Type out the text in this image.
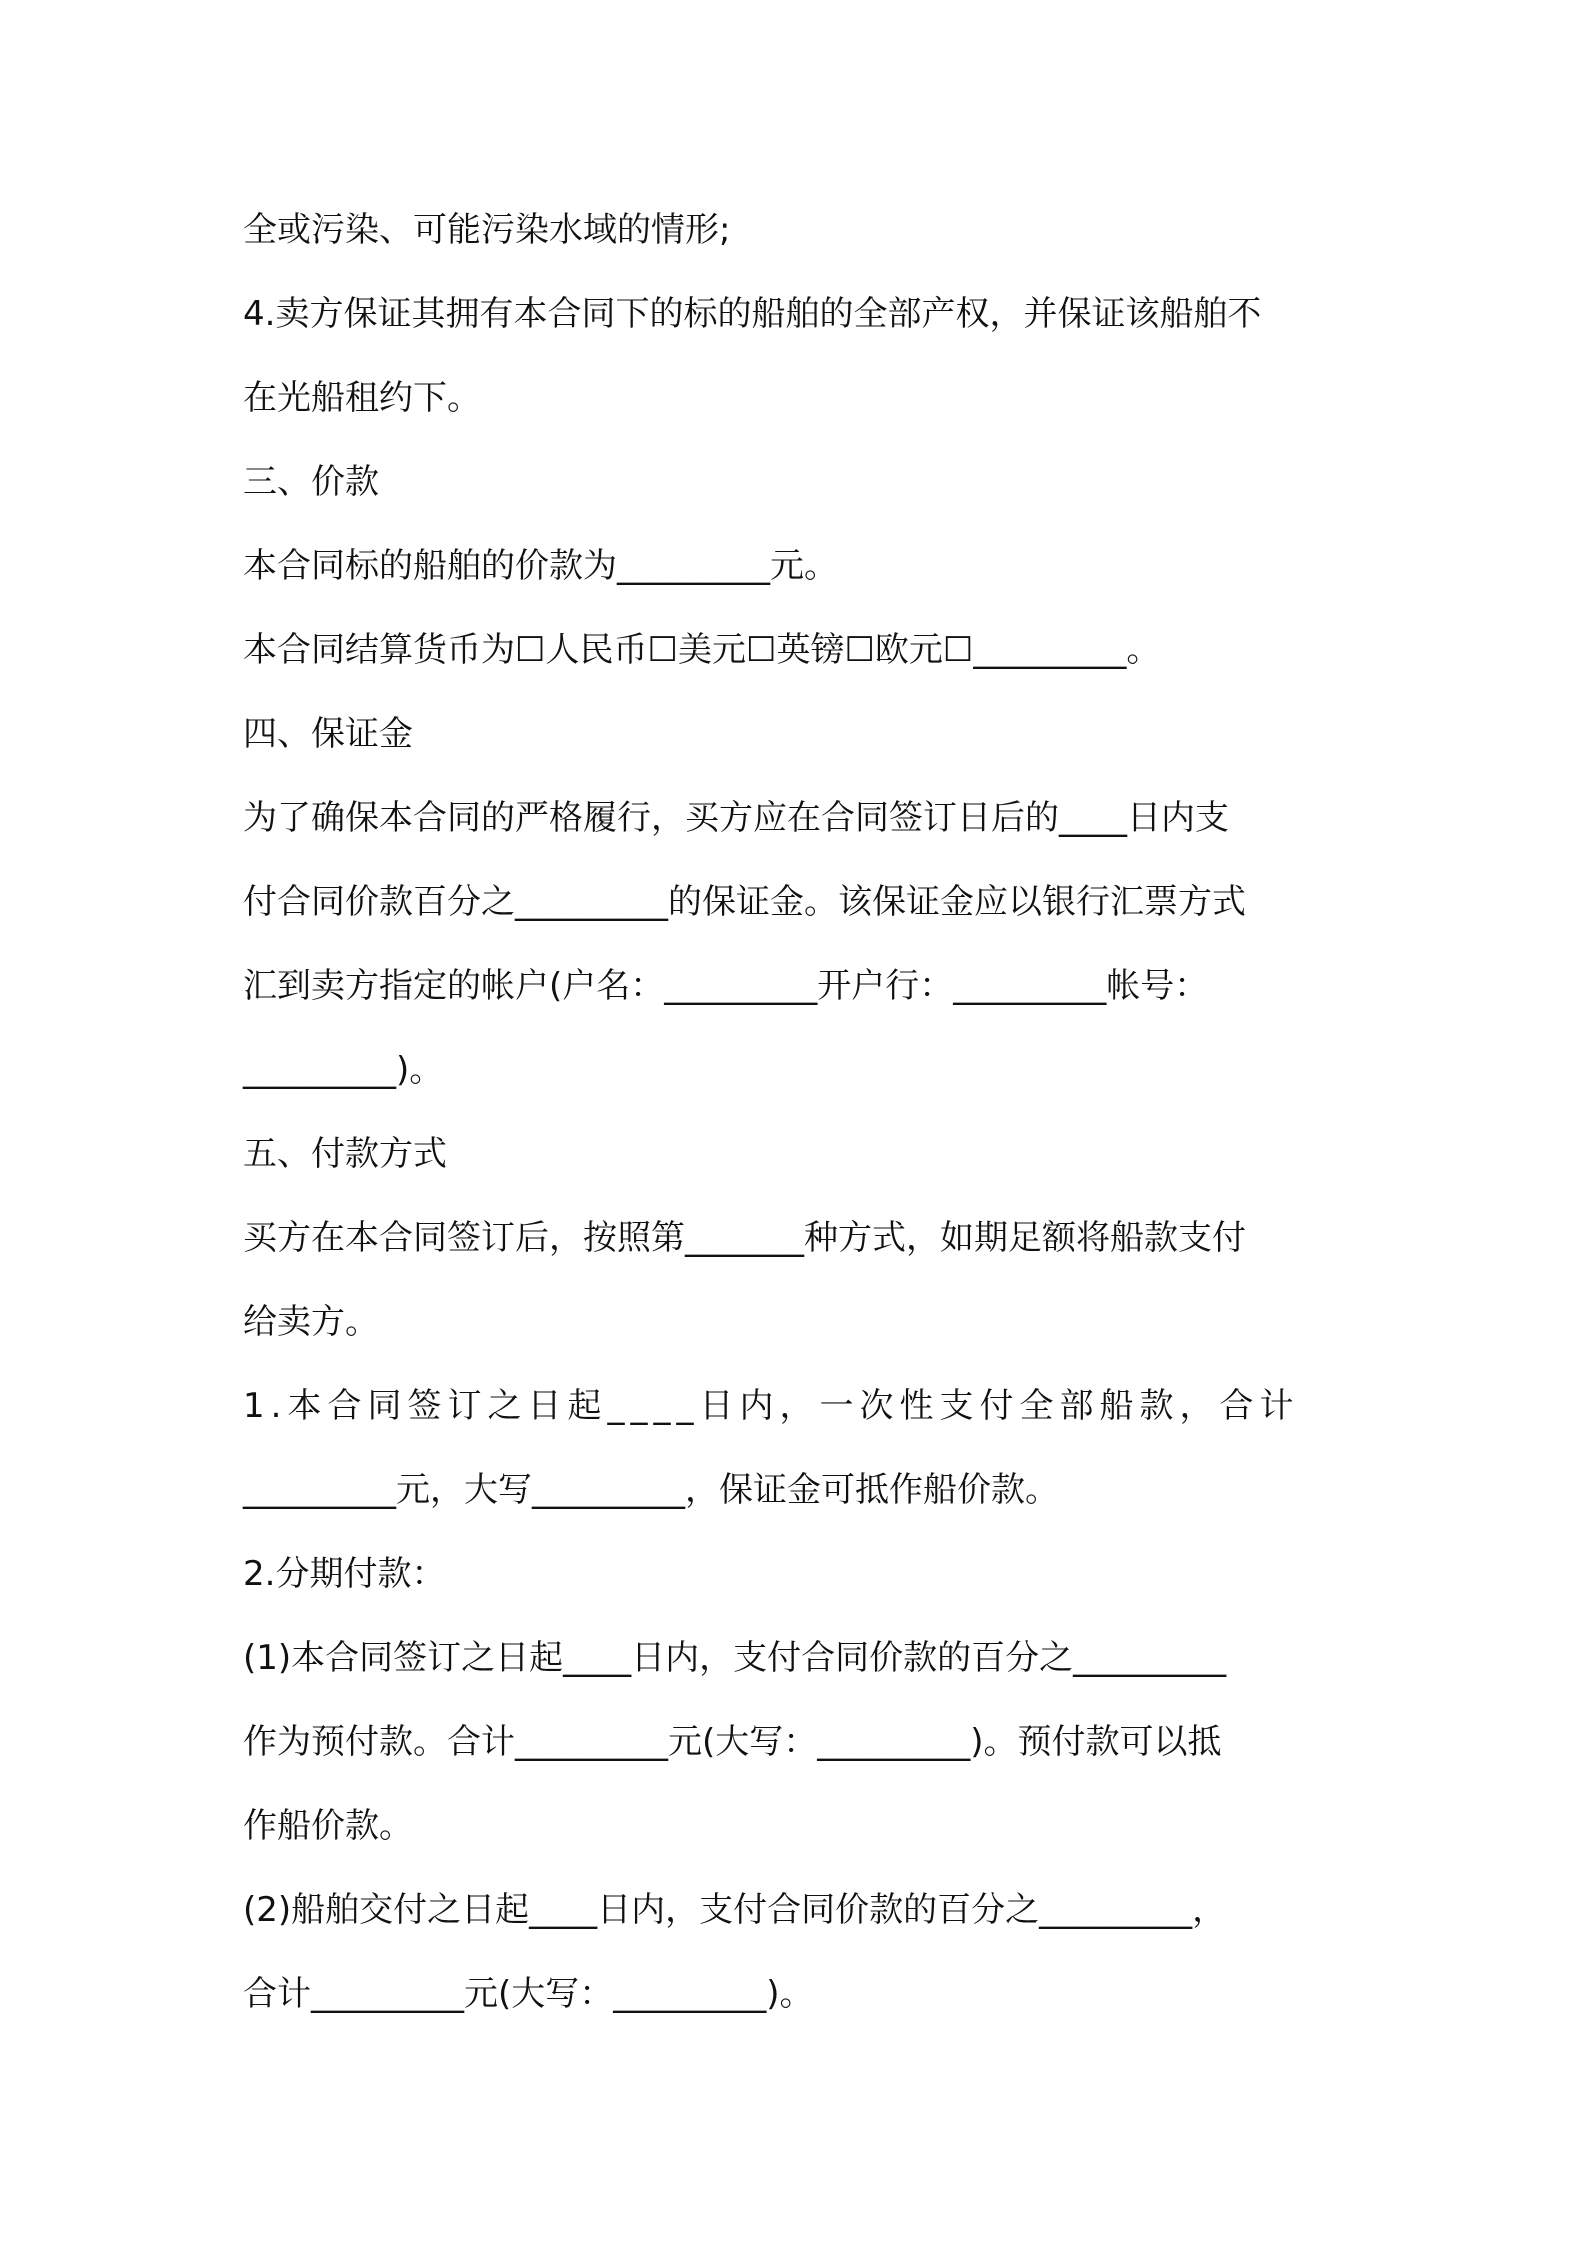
全或污染、可能污染水域的情形;
4.卖方保证其拥有本合同下的标的船舶的全部产权，并保证该船舶不
在光船租约下。
三、价款
本合同标的船舶的价款为_________元。
本合同结算货币为☐人民币☐美元☐英镑☐欧元☐_________。
四、保证金
为了确保本合同的严格履行，买方应在合同签订日后的____日内支
付合同价款百分之_________的保证金。该保证金应以银行汇票方式
汇到卖方指定的帐户(户名：_________开户行：_________帐号：
_________)。
五、付款方式
买方在本合同签订后，按照第_______种方式，如期足额将船款支付
给卖方。
1.本合同签订之日起____日内，一次性支付全部船款，合计
_________元，大写_________，保证金可抵作船价款。
2.分期付款：
(1)本合同签订之日起____日内，支付合同价款的百分之_________
作为预付款。合计_________元(大写：_________)。预付款可以抵
作船价款。
(2)船舶交付之日起____日内，支付合同价款的百分之_________，
合计_________元(大写：_________)。
